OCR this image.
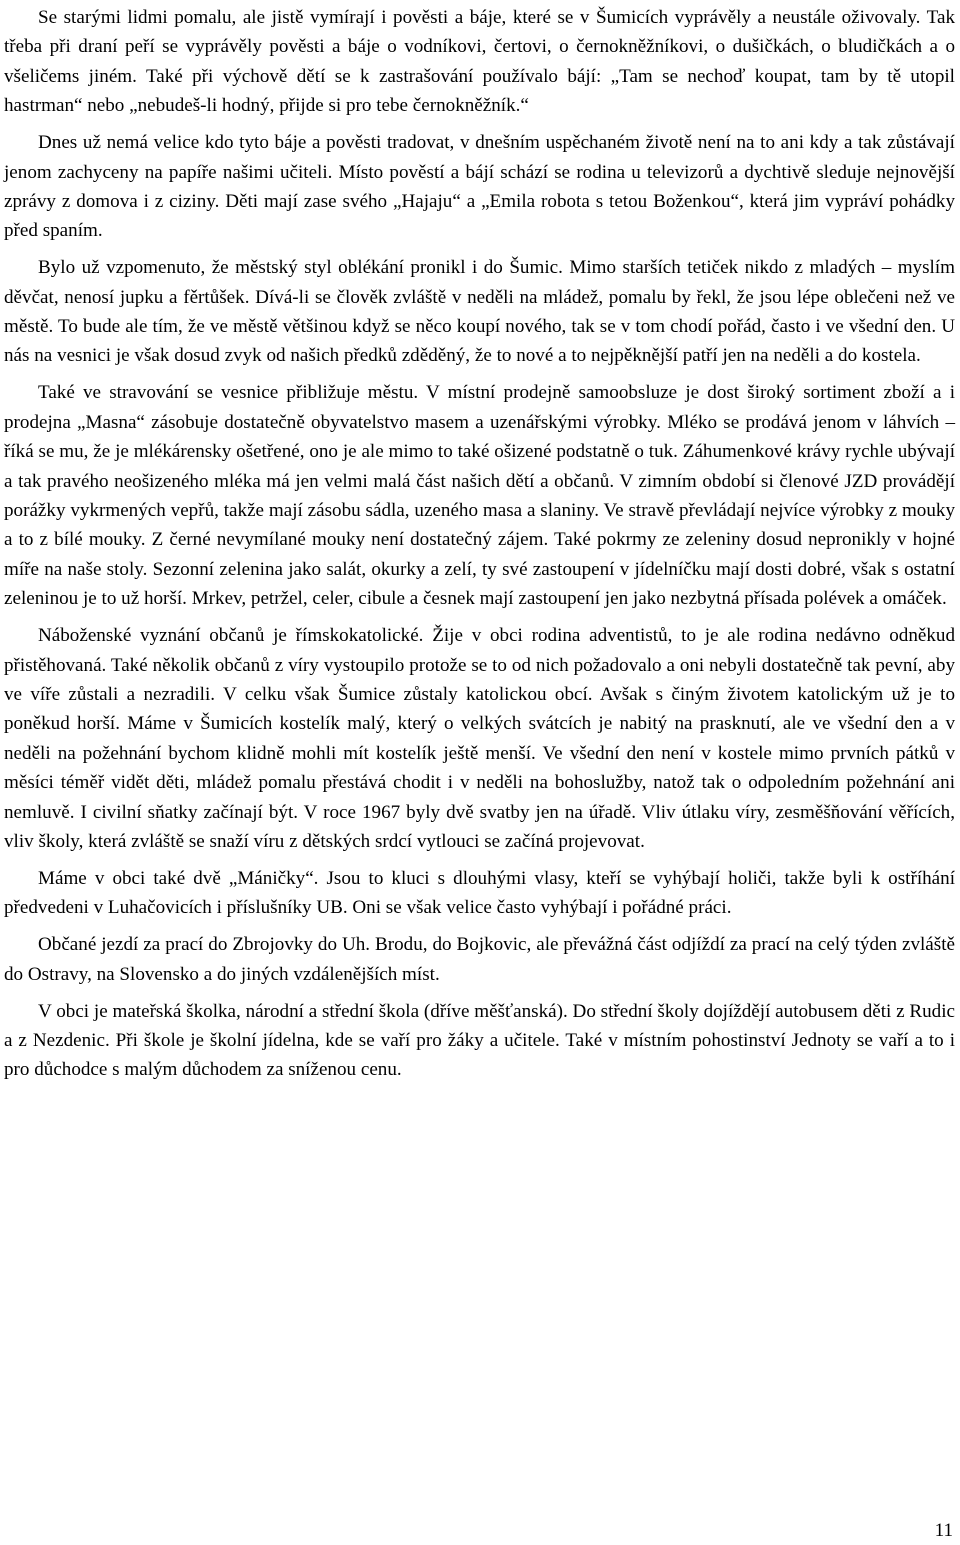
Se starými lidmi pomalu, ale jistě vymírají i pověsti a báje, které se v Šumicích vyprávěly a neustále oživovaly. Tak třeba při draní peří se vyprávěly pověsti a báje o vodníkovi, čertovi, o černokněžníkovi, o dušičkách, o bludičkách a o všeličems jiném. Také při výchově dětí se k zastrašování používalo bájí: „Tam se nechoď koupat, tam by tě utopil hastrman“ nebo „nebudeš-li hodný, přijde si pro tebe černokněžník.“

Dnes už nemá velice kdo tyto báje a pověsti tradovat, v dnešním uspěchaném životě není na to ani kdy a tak zůstávají jenom zachyceny na papíře našimi učiteli. Místo pověstí a bájí schází se rodina u televizorů a dychtivě sleduje nejnovější zprávy z domova i z ciziny. Děti mají zase svého „Hajaju“ a „Emila robota s tetou Boženkou“, která jim vypráví pohádky před spaním.

Bylo už vzpomenuto, že městský styl oblékání pronikl i do Šumic. Mimo starších tetiček nikdo z mladých – myslím děvčat, nenosí jupku a fěrtůšek. Dívá-li se člověk zvláště v neděli na mládež, pomalu by řekl, že jsou lépe oblečeni než ve městě. To bude ale tím, že ve městě většinou když se něco koupí nového, tak se v tom chodí pořád, často i ve všední den. U nás na vesnici je však dosud zvyk od našich předků zděděný, že to nové a to nejpěknější patří jen na neděli a do kostela.

Také ve stravování se vesnice přibližuje městu. V místní prodejně samoobsluze je dost široký sortiment zboží a i prodejna „Masna“ zásobuje dostatečně obyvatelstvo masem a uzenářskými výrobky. Mléko se prodává jenom v láhvích – říká se mu, že je mlékárensky ošetřené, ono je ale mimo to také ošizené podstatně o tuk. Záhumenkové krávy rychle ubývají a tak pravého neošizeného mléka má jen velmi malá část našich dětí a občanů. V zimním období si členové JZD provádějí porážky vykrmených vepřů, takže mají zásobu sádla, uzeného masa a slaniny. Ve stravě převládají nejvíce výrobky z mouky a to z bílé mouky. Z černé nevymílané mouky není dostatečný zájem. Také pokrmy ze zeleniny dosud nepronikly v hojné míře na naše stoly. Sezonní zelenina jako salát, okurky a zelí, ty své zastoupení v jídelníčku mají dosti dobré, však s ostatní zeleninou je to už horší. Mrkev, petržel, celer, cibule a česnek mají zastoupení jen jako nezbytná přísada polévek a omáček.

Náboženské vyznání občanů je římskokatolické. Žije v obci rodina adventistů, to je ale rodina nedávno odněkud přistěhovaná. Také několik občanů z víry vystoupilo protože se to od nich požadovalo a oni nebyli dostatečně tak pevní, aby ve víře zůstali a nezradili. V celku však Šumice zůstaly katolickou obcí. Avšak s činým životem katolickým už je to poněkud horší. Máme v Šumicích kostelík malý, který o velkých svátcích je nabitý na prasknutí, ale ve všední den a v neděli na požehnání bychom klidně mohli mít kostelík ještě menší. Ve všední den není v kostele mimo prvních pátků v měsíci téměř vidět děti, mládež pomalu přestává chodit i v neděli na bohoslužby, natož tak o odpoledním požehnání ani nemluvě. I civilní sňatky začínají být. V roce 1967 byly dvě svatby jen na úřadě. Vliv útlaku víry, zesměšňování věřících, vliv školy, která zvláště se snaží víru z dětských srdcí vytlouci se začíná projevovat.

Máme v obci také dvě „Máničky“. Jsou to kluci s dlouhými vlasy, kteří se vyhýbají holiči, takže byli k ostříhání předvedeni v Luhačovicích i příslušníky UB. Oni se však velice často vyhýbají i pořádné práci.

Občané jezdí za prací do Zbrojovky do Uh. Brodu, do Bojkovic, ale převážná část odjíždí za prací na celý týden zvláště do Ostravy, na Slovensko a do jiných vzdálenějších míst.

V obci je mateřská školka, národní a střední škola (dříve měšťanská). Do střední školy dojíždějí autobusem děti z Rudic a z Nezdenic. Při škole je školní jídelna, kde se vaří pro žáky a učitele. Také v místním pohostinství Jednoty se vaří a to i pro důchodce s malým důchodem za sníženou cenu.

11
